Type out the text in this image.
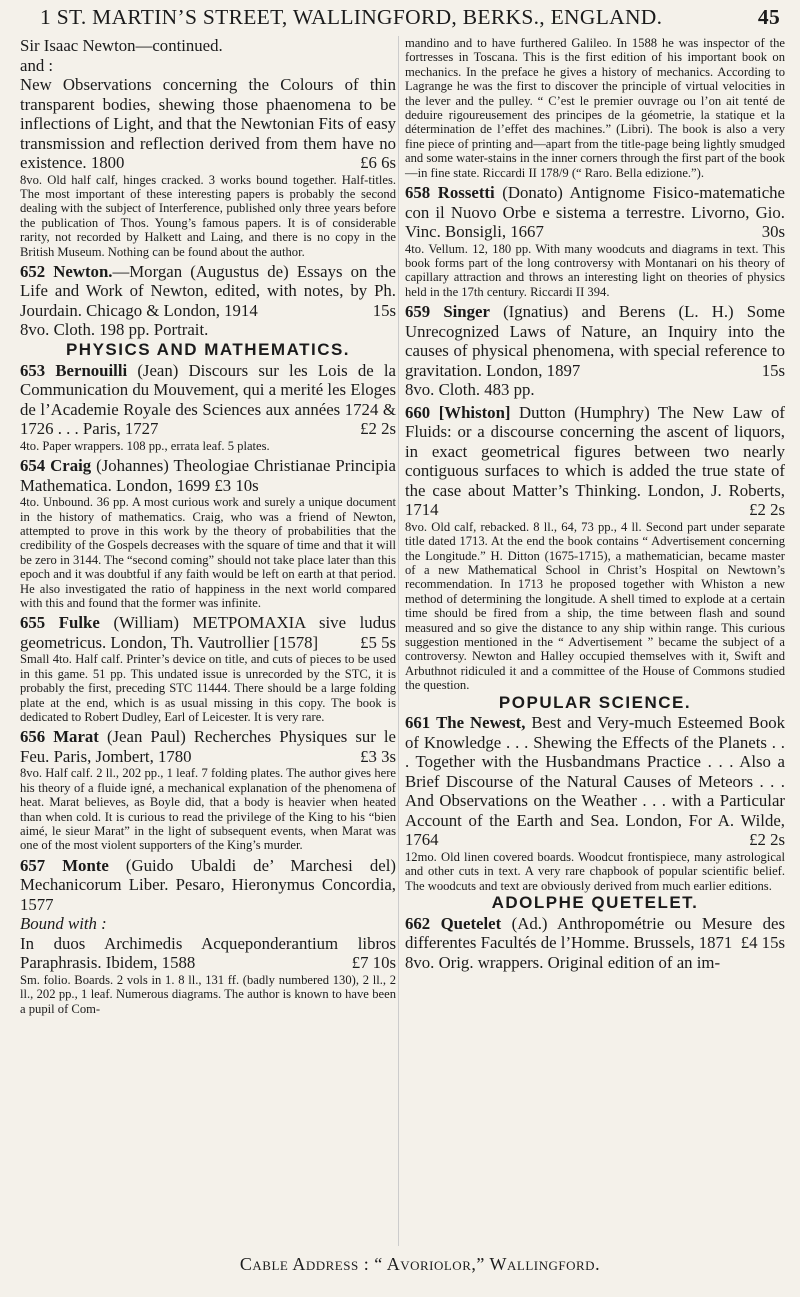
1 ST. MARTIN’S STREET, WALLINGFORD, BERKS., ENGLAND.	45

Sir Isaac Newton—continued.

and :

New Observations concerning the Colours of thin transparent bodies, shewing those phaenomena to be inflections of Light, and that the Newtonian Fits of easy transmission and reflection derived from them have no existence. 1800	£6 6s

8vo. Old half calf, hinges cracked. 3 works bound together. Half-titles. The most important of these interesting papers is probably the second dealing with the subject of Interference, published only three years before the publication of Thos. Young’s famous papers. It is of considerable rarity, not recorded by Halkett and Laing, and there is no copy in the British Museum. Nothing can be found about the author.

652 Newton.—Morgan (Augustus de) Essays on the Life and Work of Newton, edited, with notes, by Ph. Jourdain. Chicago & London, 1914	15s

8vo. Cloth. 198 pp. Portrait.

PHYSICS AND MATHEMATICS.

653 Bernouilli (Jean) Discours sur les Lois de la Communication du Mouvement, qui a merité les Eloges de l’Academie Royale des Sciences aux années 1724 & 1726 . . . Paris, 1727	£2 2s

4to. Paper wrappers. 108 pp., errata leaf. 5 plates.

654 Craig (Johannes) Theologiae Christianae Principia Mathematica. London, 1699 £3 10s

4to. Unbound. 36 pp. A most curious work and surely a unique document in the history of mathematics. Craig, who was a friend of Newton, attempted to prove in this work by the theory of probabilities that the credibility of the Gospels decreases with the square of time and that it will be zero in 3144. The “second coming” should not take place later than this epoch and it was doubtful if any faith would be left on earth at that period. He also investigated the ratio of happiness in the next world compared with this and found that the former was infinite.

655 Fulke (William) ΜΕΤΡΟΜΑΧΙΑ sive ludus geometricus. London, Th. Vautrollier [1578]	£5 5s

Small 4to. Half calf. Printer’s device on title, and cuts of pieces to be used in this game. 51 pp. This undated issue is unrecorded by the STC, it is probably the first, preceding STC 11444. There should be a large folding plate at the end, which is as usual missing in this copy. The book is dedicated to Robert Dudley, Earl of Leicester. It is very rare.

656 Marat (Jean Paul) Recherches Physiques sur le Feu. Paris, Jombert, 1780	£3 3s

8vo. Half calf. 2 ll., 202 pp., 1 leaf. 7 folding plates. The author gives here his theory of a fluide igné, a mechanical explanation of the phenomena of heat. Marat believes, as Boyle did, that a body is heavier when heated than when cold. It is curious to read the privilege of the King to his “bien aimé, le sieur Marat” in the light of subsequent events, when Marat was one of the most violent supporters of the King’s murder.

657 Monte (Guido Ubaldi de’ Marchesi del) Mechanicorum Liber. Pesaro, Hieronymus Concordia, 1577

Bound with :

In duos Archimedis Acqueponderantium libros Paraphrasis. Ibidem, 1588	£7 10s

Sm. folio. Boards. 2 vols in 1. 8 ll., 131 ff. (badly numbered 130), 2 ll., 2 ll., 202 pp., 1 leaf. Numerous diagrams. The author is known to have been a pupil of Com-

mandino and to have furthered Galileo. In 1588 he was inspector of the fortresses in Toscana. This is the first edition of his important book on mechanics. In the preface he gives a history of mechanics. According to Lagrange he was the first to discover the principle of virtual velocities in the lever and the pulley. “ C’est le premier ouvrage ou l’on ait tenté de deduire rigoureusement des principes de la géometrie, la statique et la détermination de l’effet des machines.” (Libri). The book is also a very fine piece of printing and—apart from the title-page being lightly smudged and some water-stains in the inner corners through the first part of the book—in fine state. Riccardi II 178/9 (“ Raro. Bella edizione.”).

658 Rossetti (Donato) Antignome Fisico-matematiche con il Nuovo Orbe e sistema a terrestre. Livorno, Gio. Vinc. Bonsigli, 1667	30s

4to. Vellum. 12, 180 pp. With many woodcuts and diagrams in text. This book forms part of the long controversy with Montanari on his theory of capillary attraction and throws an interesting light on theories of physics held in the 17th century. Riccardi II 394.

659 Singer (Ignatius) and Berens (L. H.) Some Unrecognized Laws of Nature, an Inquiry into the causes of physical phenomena, with special reference to gravitation. London, 1897	15s

8vo. Cloth. 483 pp.

660 [Whiston] Dutton (Humphry) The New Law of Fluids: or a discourse concerning the ascent of liquors, in exact geometrical figures between two nearly contiguous surfaces to which is added the true state of the case about Matter’s Thinking. London, J. Roberts, 1714	£2 2s

8vo. Old calf, rebacked. 8 ll., 64, 73 pp., 4 ll. Second part under separate title dated 1713. At the end the book contains “ Advertisement concerning the Longitude.” H. Ditton (1675-1715), a mathematician, became master of a new Mathematical School in Christ’s Hospital on Newtown’s recommendation. In 1713 he proposed together with Whiston a new method of determining the longitude. A shell timed to explode at a certain time should be fired from a ship, the time between flash and sound measured and so give the distance to any ship within range. This curious suggestion mentioned in the “ Advertisement ” became the subject of a controversy. Newton and Halley occupied themselves with it, Swift and Arbuthnot ridiculed it and a committee of the House of Commons studied the question.

POPULAR SCIENCE.

661 The Newest, Best and Very-much Esteemed Book of Knowledge . . . Shewing the Effects of the Planets . . . Together with the Husbandmans Practice . . . Also a Brief Discourse of the Natural Causes of Meteors . . . And Observations on the Weather . . . with a Particular Account of the Earth and Sea. London, For A. Wilde, 1764	£2 2s

12mo. Old linen covered boards. Woodcut frontispiece, many astrological and other cuts in text. A very rare chapbook of popular scientific belief. The woodcuts and text are obviously derived from much earlier editions.

ADOLPHE QUETELET.

662 Quetelet (Ad.) Anthropométrie ou Mesure des differentes Facultés de l’Homme. Brussels, 1871 £4 15s

8vo. Orig. wrappers. Original edition of an im-

Cable Address : “ Avoriolor,” Wallingford.
